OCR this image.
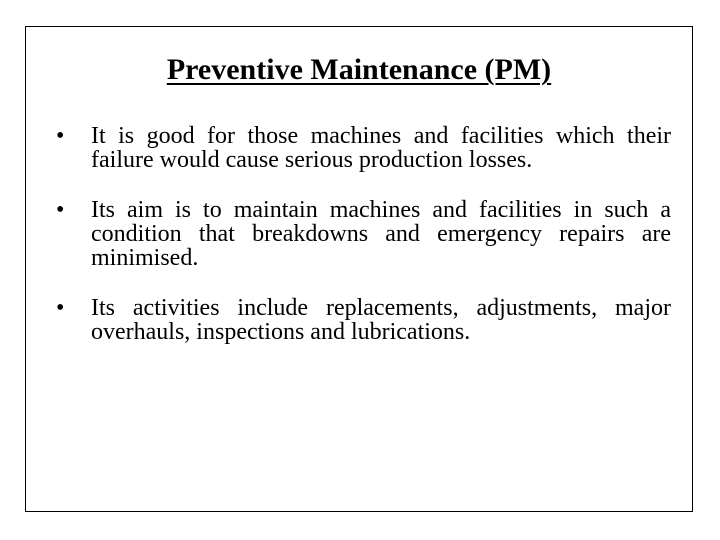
Preventive Maintenance (PM)
• It is good for those machines and facilities which their failure would cause serious production losses.
• Its aim is to maintain machines and facilities in such a condition that breakdowns and emergency repairs are minimised.
• Its activities include replacements, adjustments, major overhauls, inspections and lubrications.
